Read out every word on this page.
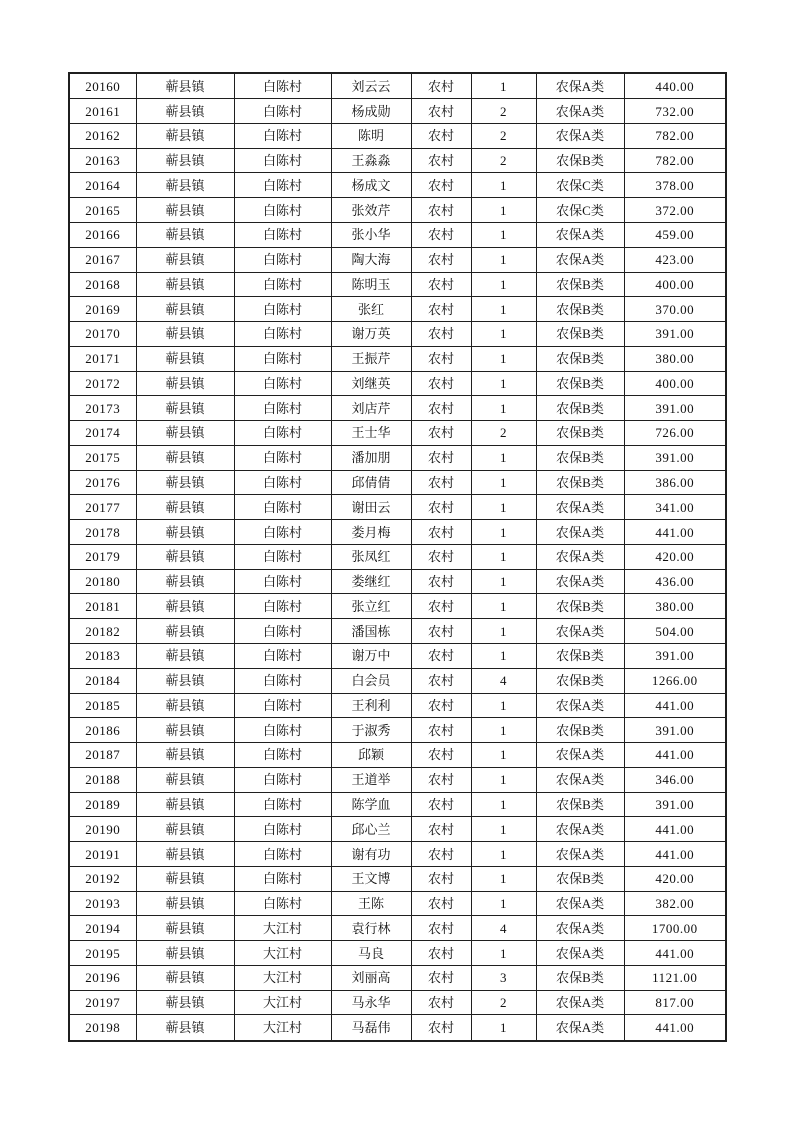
20160	蕲县镇	白陈村	刘云云	农村	1	农保A类	440.00
20161	蕲县镇	白陈村	杨成勋	农村	2	农保A类	732.00
20162	蕲县镇	白陈村	陈明	农村	2	农保A类	782.00
20163	蕲县镇	白陈村	王淼淼	农村	2	农保B类	782.00
20164	蕲县镇	白陈村	杨成文	农村	1	农保C类	378.00
20165	蕲县镇	白陈村	张效芹	农村	1	农保C类	372.00
20166	蕲县镇	白陈村	张小华	农村	1	农保A类	459.00
20167	蕲县镇	白陈村	陶大海	农村	1	农保A类	423.00
20168	蕲县镇	白陈村	陈明玉	农村	1	农保B类	400.00
20169	蕲县镇	白陈村	张红	农村	1	农保B类	370.00
20170	蕲县镇	白陈村	谢万英	农村	1	农保B类	391.00
20171	蕲县镇	白陈村	王振芹	农村	1	农保B类	380.00
20172	蕲县镇	白陈村	刘继英	农村	1	农保B类	400.00
20173	蕲县镇	白陈村	刘店芹	农村	1	农保B类	391.00
20174	蕲县镇	白陈村	王士华	农村	2	农保B类	726.00
20175	蕲县镇	白陈村	潘加朋	农村	1	农保B类	391.00
20176	蕲县镇	白陈村	邱倩倩	农村	1	农保B类	386.00
20177	蕲县镇	白陈村	谢田云	农村	1	农保A类	341.00
20178	蕲县镇	白陈村	娄月梅	农村	1	农保A类	441.00
20179	蕲县镇	白陈村	张凤红	农村	1	农保A类	420.00
20180	蕲县镇	白陈村	娄继红	农村	1	农保A类	436.00
20181	蕲县镇	白陈村	张立红	农村	1	农保B类	380.00
20182	蕲县镇	白陈村	潘国栋	农村	1	农保A类	504.00
20183	蕲县镇	白陈村	谢万中	农村	1	农保B类	391.00
20184	蕲县镇	白陈村	白会员	农村	4	农保B类	1266.00
20185	蕲县镇	白陈村	王利利	农村	1	农保A类	441.00
20186	蕲县镇	白陈村	于淑秀	农村	1	农保B类	391.00
20187	蕲县镇	白陈村	邱颖	农村	1	农保A类	441.00
20188	蕲县镇	白陈村	王道举	农村	1	农保A类	346.00
20189	蕲县镇	白陈村	陈学血	农村	1	农保B类	391.00
20190	蕲县镇	白陈村	邱心兰	农村	1	农保A类	441.00
20191	蕲县镇	白陈村	谢有功	农村	1	农保A类	441.00
20192	蕲县镇	白陈村	王文博	农村	1	农保B类	420.00
20193	蕲县镇	白陈村	王陈	农村	1	农保A类	382.00
20194	蕲县镇	大江村	袁行林	农村	4	农保A类	1700.00
20195	蕲县镇	大江村	马良	农村	1	农保A类	441.00
20196	蕲县镇	大江村	刘丽高	农村	3	农保B类	1121.00
20197	蕲县镇	大江村	马永华	农村	2	农保A类	817.00
20198	蕲县镇	大江村	马磊伟	农村	1	农保A类	441.00
